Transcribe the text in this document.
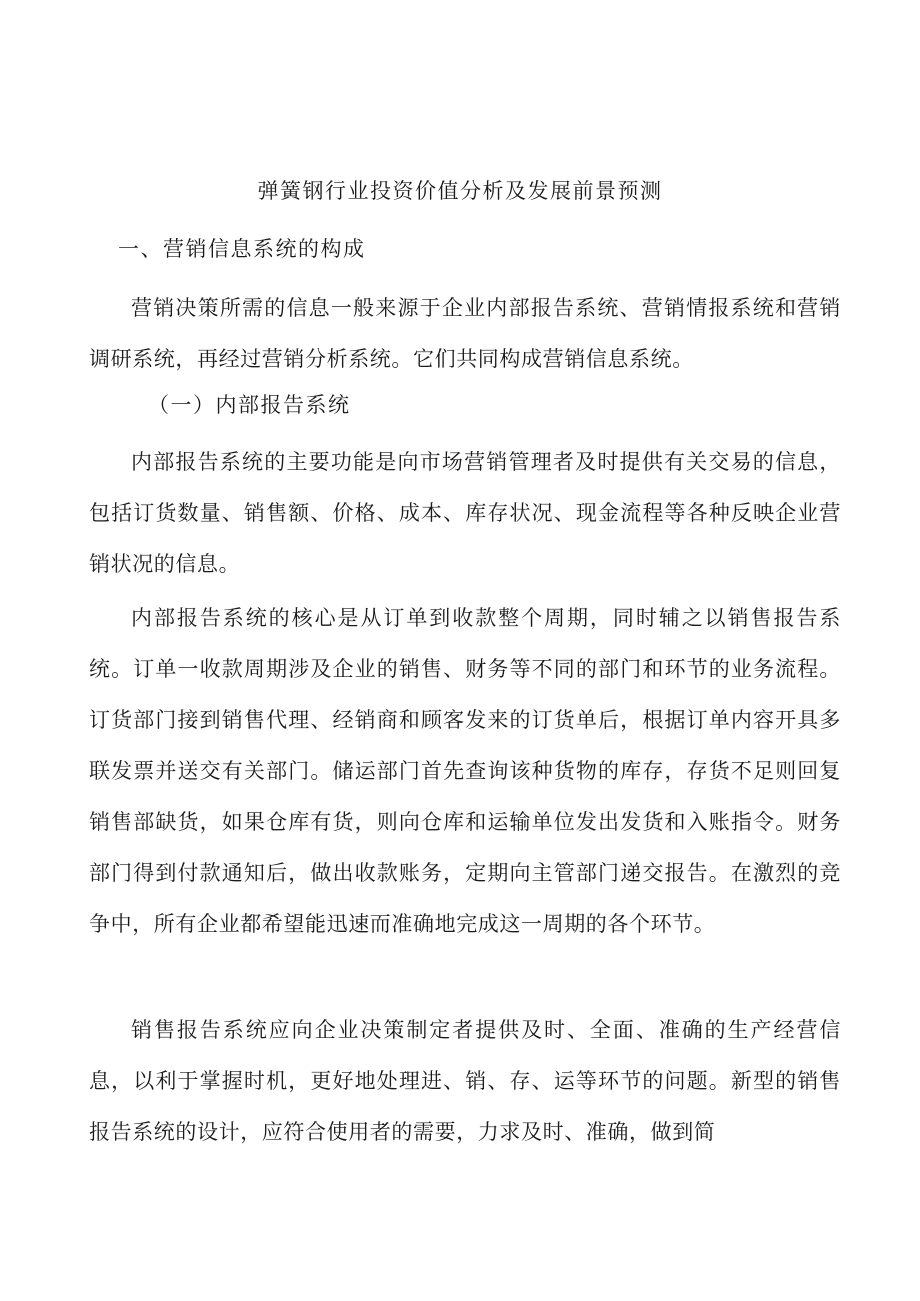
弹簧钢行业投资价值分析及发展前景预测
一、营销信息系统的构成

营销决策所需的信息一般来源于企业内部报告系统、营销情报系统和营销调研系统，再经过营销分析系统。它们共同构成营销信息系统。

（一）内部报告系统

内部报告系统的主要功能是向市场营销管理者及时提供有关交易的信息，包括订货数量、销售额、价格、成本、库存状况、现金流程等各种反映企业营销状况的信息。

内部报告系统的核心是从订单到收款整个周期，同时辅之以销售报告系统。订单一收款周期涉及企业的销售、财务等不同的部门和环节的业务流程。订货部门接到销售代理、经销商和顾客发来的订货单后，根据订单内容开具多联发票并送交有关部门。储运部门首先查询该种货物的库存，存货不足则回复销售部缺货，如果仓库有货，则向仓库和运输单位发出发货和入账指令。财务部门得到付款通知后，做出收款账务，定期向主管部门递交报告。在激烈的竞争中，所有企业都希望能迅速而准确地完成这一周期的各个环节。

销售报告系统应向企业决策制定者提供及时、全面、准确的生产经营信息，以利于掌握时机，更好地处理进、销、存、运等环节的问题。新型的销售报告系统的设计，应符合使用者的需要，力求及时、准确，做到简
